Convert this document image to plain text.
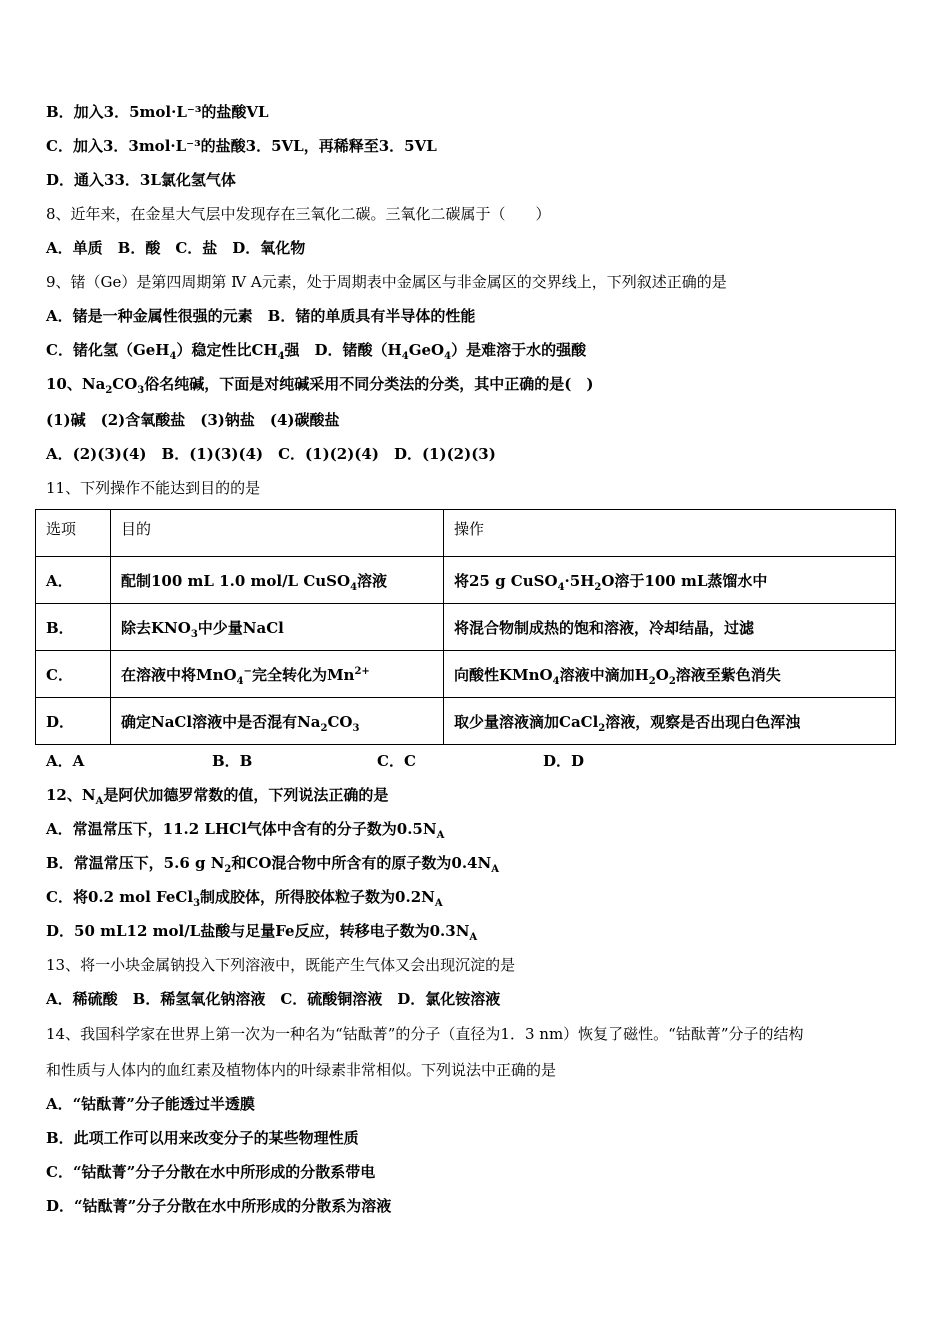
B．加入3．5mol·L⁻³的盐酸VL
C．加入3．3mol·L⁻³的盐酸3．5VL，再稀释至3．5VL
D．通入33．3L氯化氢气体
8、近年来，在金星大气层中发现存在三氧化二碳。三氧化二碳属于（　　）
A．单质　B．酸　C．盐　D．氧化物
9、锗（Ge）是第四周期第 Ⅳ A元素，处于周期表中金属区与非金属区的交界线上，下列叙述正确的是
A．锗是一种金属性很强的元素　B．锗的单质具有半导体的性能
C．锗化氢（GeH$_4$）稳定性比$CH_4$强　D．锗酸$(H_4GeO_4)$是难溶于水的强酸
10、$Na_2CO_3$俗名纯碱，下面是对纯碱采用不同分类法的分类，其中正确的是(　)
(1)碱　(2)含氧酸盐　(3)钠盐　(4)碳酸盐
A．(2)(3)(4)　B．(1)(3)(4)　C．(1)(2)(4)　D．(1)(2)(3)
11、下列操作不能达到目的的是
选项	目的	操作
A．	配制100 mL 1.0 mol/L CuSO$_4$溶液	将25 g $CuSO_4\cdot 5H_2O$溶于100 mL蒸馏水中
B．	除去$KNO_3$中少量NaCl	将混合物制成热的饱和溶液，冷却结晶，过滤
C．	在溶液中将MnO$_4$−完全转化为$Mn^{2+}$	向酸性KMnO$_4$溶液中滴加$H_2O_2$溶液至紫色消失
D．	确定NaCl溶液中是否混有$Na_2CO_3$	取少量溶液滴加CaCl$_2$溶液，观察是否出现白色浑浊
A．A	B．B	C．C	D．D
12、$N_A$是阿伏加德罗常数的值，下列说法正确的是
A．常温常压下，11.2 LHCl气体中含有的分子数为$0.5N_A$
B．常温常压下，5.6 g $N_2$和CO混合物中所含有的原子数为$0.4N_A$
C．将0.2 mol FeCl$_3$制成胶体，所得胶体粒子数为$0.2N_A$
D．50 mL12 mol/L盐酸与足量Fe反应，转移电子数为$0.3N_A$
13、将一小块金属钠投入下列溶液中，既能产生气体又会出现沉淀的是
A．稀硫酸　B．稀氢氧化钠溶液　C．硫酸铜溶液　D．氯化铵溶液
14、我国科学家在世界上第一次为一种名为“钴酞菁”的分子（直径为1．3 nm）恢复了磁性。“钴酞菁”分子的结构
和性质与人体内的血红素及植物体内的叶绿素非常相似。下列说法中正确的是
A．“钴酞菁”分子能透过半透膜
B．此项工作可以用来改变分子的某些物理性质
C．“钴酞菁”分子分散在水中所形成的分散系带电
D．“钴酞菁”分子分散在水中所形成的分散系为溶液
